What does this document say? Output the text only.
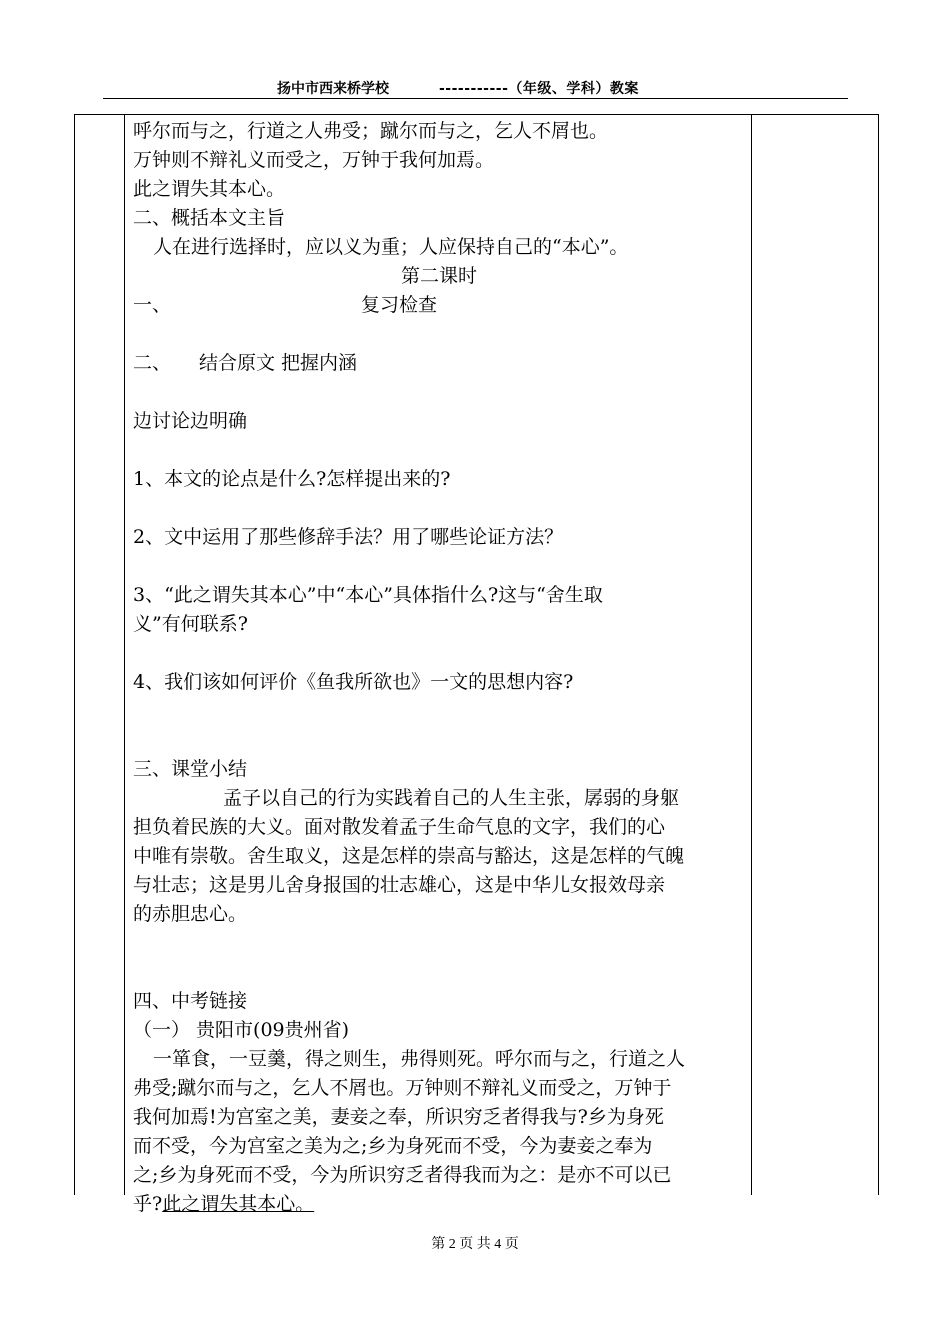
扬中市西来桥学校	-----------（年级、学科）教案

呼尔而与之，行道之人弗受；蹴尔而与之，乞人不屑也。

万钟则不辩礼义而受之，万钟于我何加焉。

此之谓失其本心。

二、概括本文主旨

人在进行选择时，应以义为重；人应保持自己的“本心”。

第二课时

一、	复习检查

二、 结合原文 把握内涵

边讨论边明确

1、本文的论点是什么?怎样提出来的?

2、文中运用了那些修辞手法？用了哪些论证方法？

3、“此之谓失其本心”中“本心”具体指什么?这与“舍生取

义”有何联系?

4、我们该如何评价《鱼我所欲也》一文的思想内容?

三、课堂小结

孟子以自己的行为实践着自己的人生主张，孱弱的身躯

担负着民族的大义。面对散发着孟子生命气息的文字，我们的心

中唯有崇敬。舍生取义，这是怎样的崇高与豁达，这是怎样的气魄

与壮志；这是男儿舍身报国的壮志雄心，这是中华儿女报效母亲

的赤胆忠心。

四、中考链接

（一） 贵阳市(09贵州省)

一箪食，一豆羹，得之则生，弗得则死。呼尔而与之，行道之人

弗受;蹴尔而与之，乞人不屑也。万钟则不辩礼义而受之，万钟于

我何加焉!为宫室之美，妻妾之奉，所识穷乏者得我与?乡为身死

而不受，今为宫室之美为之;乡为身死而不受，今为妻妾之奉为

之;乡为身死而不受，今为所识穷乏者得我而为之：是亦不可以已

乎?此之谓失其本心。

第 2 页 共 4 页
